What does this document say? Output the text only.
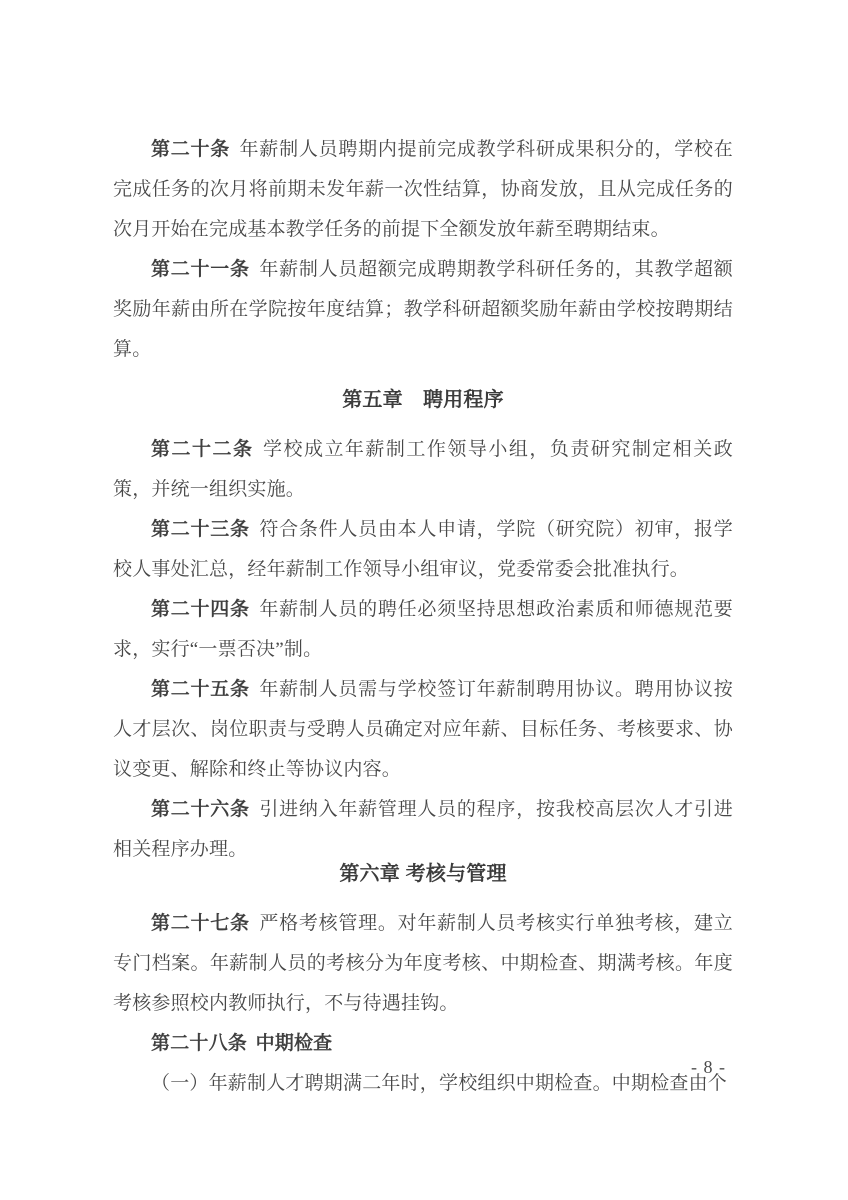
第二十条 年薪制人员聘期内提前完成教学科研成果积分的，学校在完成任务的次月将前期未发年薪一次性结算，协商发放，且从完成任务的次月开始在完成基本教学任务的前提下全额发放年薪至聘期结束。

第二十一条 年薪制人员超额完成聘期教学科研任务的，其教学超额奖励年薪由所在学院按年度结算；教学科研超额奖励年薪由学校按聘期结算。

第五章　聘用程序

第二十二条 学校成立年薪制工作领导小组，负责研究制定相关政策，并统一组织实施。

第二十三条 符合条件人员由本人申请，学院（研究院）初审，报学校人事处汇总，经年薪制工作领导小组审议，党委常委会批准执行。

第二十四条 年薪制人员的聘任必须坚持思想政治素质和师德规范要求，实行“一票否决”制。

第二十五条 年薪制人员需与学校签订年薪制聘用协议。聘用协议按人才层次、岗位职责与受聘人员确定对应年薪、目标任务、考核要求、协议变更、解除和终止等协议内容。

第二十六条 引进纳入年薪管理人员的程序，按我校高层次人才引进相关程序办理。

第六章 考核与管理

第二十七条 严格考核管理。对年薪制人员考核实行单独考核，建立专门档案。年薪制人员的考核分为年度考核、中期检查、期满考核。年度考核参照校内教师执行，不与待遇挂钩。

第二十八条 中期检查

（一）年薪制人才聘期满二年时，学校组织中期检查。中期检查由个

- 8 -
